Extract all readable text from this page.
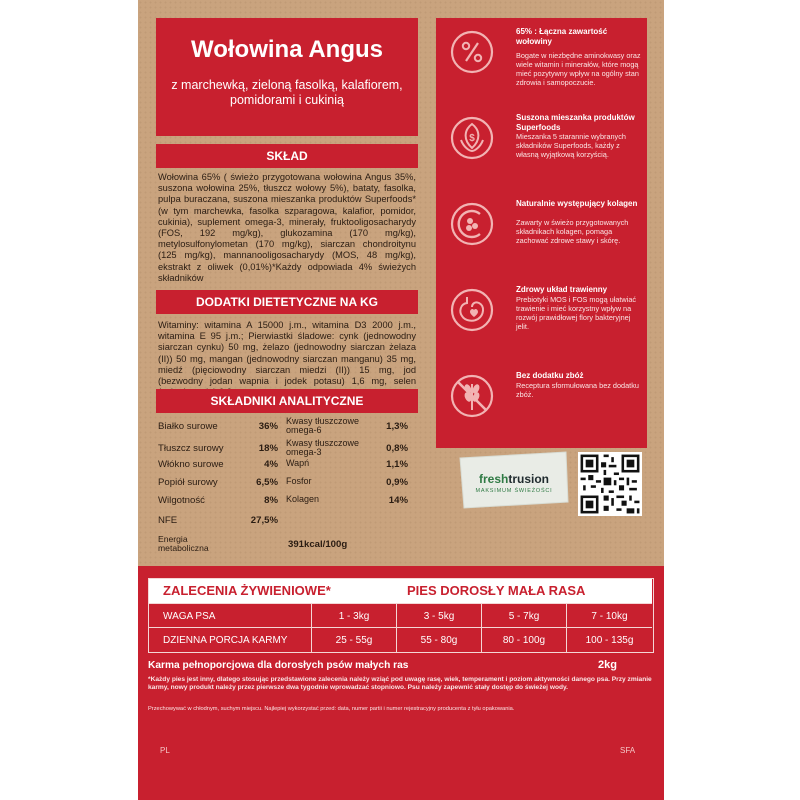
Wołowina Angus
z marchewką, zieloną fasolką, kalafiorem, pomidorami i cukinią
SKŁAD
Wołowina 65% ( świeżo przygotowana wołowina Angus 35%, suszona wołowina 25%, tłuszcz wołowy 5%), bataty, fasolka, pulpa buraczana, suszona mieszanka produktów Superfoods* (w tym marchewka, fasolka szparagowa, kalafior, pomidor, cukinia), suplement omega-3, minerały, fruktooligosacharydy (FOS, 192 mg/kg), glukozamina (170 mg/kg), metylosulfonylometan (170 mg/kg), siarczan chondroitynu (125 mg/kg), mannanooligosacharydy (MOS, 48 mg/kg), ekstrakt z oliwek (0,01%)*Każdy odpowiada 4% świeżych składników
DODATKI DIETETYCZNE NA KG
Witaminy: witamina A 15000 j.m., witamina D3 2000 j.m., witamina E 95 j.m.; Pierwiastki śladowe: cynk (jednowodny siarczan cynku) 50 mg, żelazo (jednowodny siarczan żelaza (II)) 50 mg, mangan (jednowodny siarczan manganu) 35 mg, miedź (pięciowodny siarczan miedzi (II)) 15 mg, jod (bezwodny jodan wapnia i jodek potasu) 1,6 mg, selen
SKŁADNIKI ANALITYCZNE
Białko surowe	36% Kwasy tłuszczowe omega-6	1,3%
Tłuszcz surowy	18% Kwasy tłuszczowe omega-3	0,8%
Włókno surowe	4% Wapń	1,1%
Popiół surowy	6,5% Fosfor	0,9%
Wilgotność	8% Kolagen	14%
NFE	27,5%
Energia metaboliczna	391kcal/100g
65% : Łączna zawartość wołowiny
Bogate w niezbędne aminokwasy oraz wiele witamin i minerałów, które mogą mieć pozytywny wpływ na ogólny stan zdrowia i samopoczucie.
$
Suszona mieszanka produktów Superfoods
Mieszanka 5 starannie wybranych składników Superfoods, każdy z własną wyjątkową korzyścią.
Naturalnie występujący kolagen
Zawarty w świeżo przygotowanych składnikach kolagen, pomaga zachować zdrowe stawy i skórę.
Zdrowy układ trawienny
Prebiotyki MOS i FOS mogą ułatwiać trawienie i mieć korzystny wpływ na rozwój prawidłowej flory bakteryjnej jelit.
Bez dodatku zbóż
Receptura sformułowana bez dodatku zbóż.
freshtrusion
MAKSIMUM ŚWIEŻOŚCI
ZALECENIA ŻYWIENIOWE*	PIES DOROSŁY MAŁA RASA
WAGA PSA	1 - 3kg	3 - 5kg	5 - 7kg	7 - 10kg
DZIENNA PORCJA KARMY	25 - 55g	55 - 80g	80 - 100g	100 - 135g
Karma pełnoporcjowa dla dorosłych psów małych ras	2kg
*Każdy pies jest inny, dlatego stosując przedstawione zalecenia należy wziąć pod uwagę rasę, wiek, temperament i poziom aktywności danego psa. Przy zmianie karmy, nowy produkt należy przez pierwsze dwa tygodnie wprowadzać stopniowo. Psu należy zapewnić stały dostęp do świeżej wody.
Przechowywać w chłodnym, suchym miejscu. Najlepiej wykorzystać przed: data, numer partii i numer rejestracyjny producenta z tyłu opakowania.
PL	SFA
